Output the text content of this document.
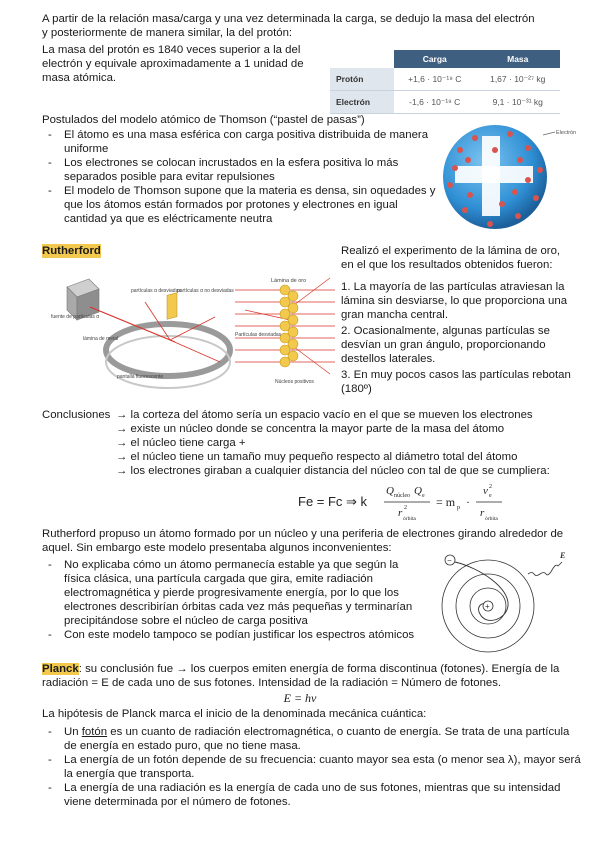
A partir de la relación masa/carga y una vez determinada la carga, se dedujo la masa del electrón y posteriormente de manera similar, la del protón:

La masa del protón es 1840 veces superior a la del electrón y equivale aproximadamente a 1 unidad de masa atómica.

	Carga	Masa
Protón	+1,6 · 10⁻¹⁹ C	1,67 · 10⁻²⁷ kg
Electrón	-1,6 · 10⁻¹⁹ C	9,1 · 10⁻³¹ kg

Postulados del modelo atómico de Thomson (“pastel de pasas”)

- El átomo es una masa esférica con carga positiva distribuida de manera uniforme
- Los electrones se colocan incrustados en la esfera positiva lo más separados posible para evitar repulsiones
- El modelo de Thomson supone que la materia es densa, sin oquedades y que los átomos están formados por protones y electrones en igual cantidad ya que es eléctricamente neutra
Electrón
Rutherford
fuente de partículas α
partículas α desviadas
partículas α no desviadas
lámina de metal
pantalla fluorescente
Lámina de oro
Partículas desviadas
Núcleos positivos

Realizó el experimento de la lámina de oro, en el que los resultados obtenidos fueron:

1. La mayoría de las partículas atraviesan la lámina sin desviarse, lo que proporciona una gran mancha central.
2. Ocasionalmente, algunas partículas se desvían un gran ángulo, proporcionando destellos laterales.
3. En muy pocos casos las partículas rebotan (180º)
Conclusiones → la corteza del átomo sería un espacio vacío en el que se mueven los electrones
→ existe un núcleo donde se concentra la mayor parte de la masa del átomo
→ el núcleo tiene carga +
→ el núcleo tiene un tamaño muy pequeño respecto al diámetro total del átomo
→ los electrones giraban a cualquier distancia del núcleo con tal de que se cumpliera:
Fe = Fc ⇒ k
Q núcleo Q e
r 2
órbita
= m p ·
v 2
e
r órbita

Rutherford propuso un átomo formado por un núcleo y una periferia de electrones girando alrededor de aquel. Sin embargo este modelo presentaba algunos inconvenientes:

- No explicaba cómo un átomo permanecía estable ya que según la física clásica, una partícula cargada que gira, emite radiación electromagnética y pierde progresivamente energía, por lo que los electrones describirían órbitas cada vez más pequeñas y terminarían precipitándose sobre el núcleo de carga positiva
- Con este modelo tampoco se podían justificar los espectros atómicos
+
−
E

Planck: su conclusión fue → los cuerpos emiten energía de forma discontinua (fotones). Energía de la radiación = E de cada uno de sus fotones. Intensidad de la radiación = Número de fotones.

E = hν

La hipótesis de Planck marca el inicio de la denominada mecánica cuántica:

- Un fotón es un cuanto de radiación electromagnética, o cuanto de energía. Se trata de una partícula de energía en estado puro, que no tiene masa.
- La energía de un fotón depende de su frecuencia: cuanto mayor sea esta (o menor sea λ), mayor será la energía que transporta.
- La energía de una radiación es la energía de cada uno de sus fotones, mientras que su intensidad viene determinada por el número de fotones.
